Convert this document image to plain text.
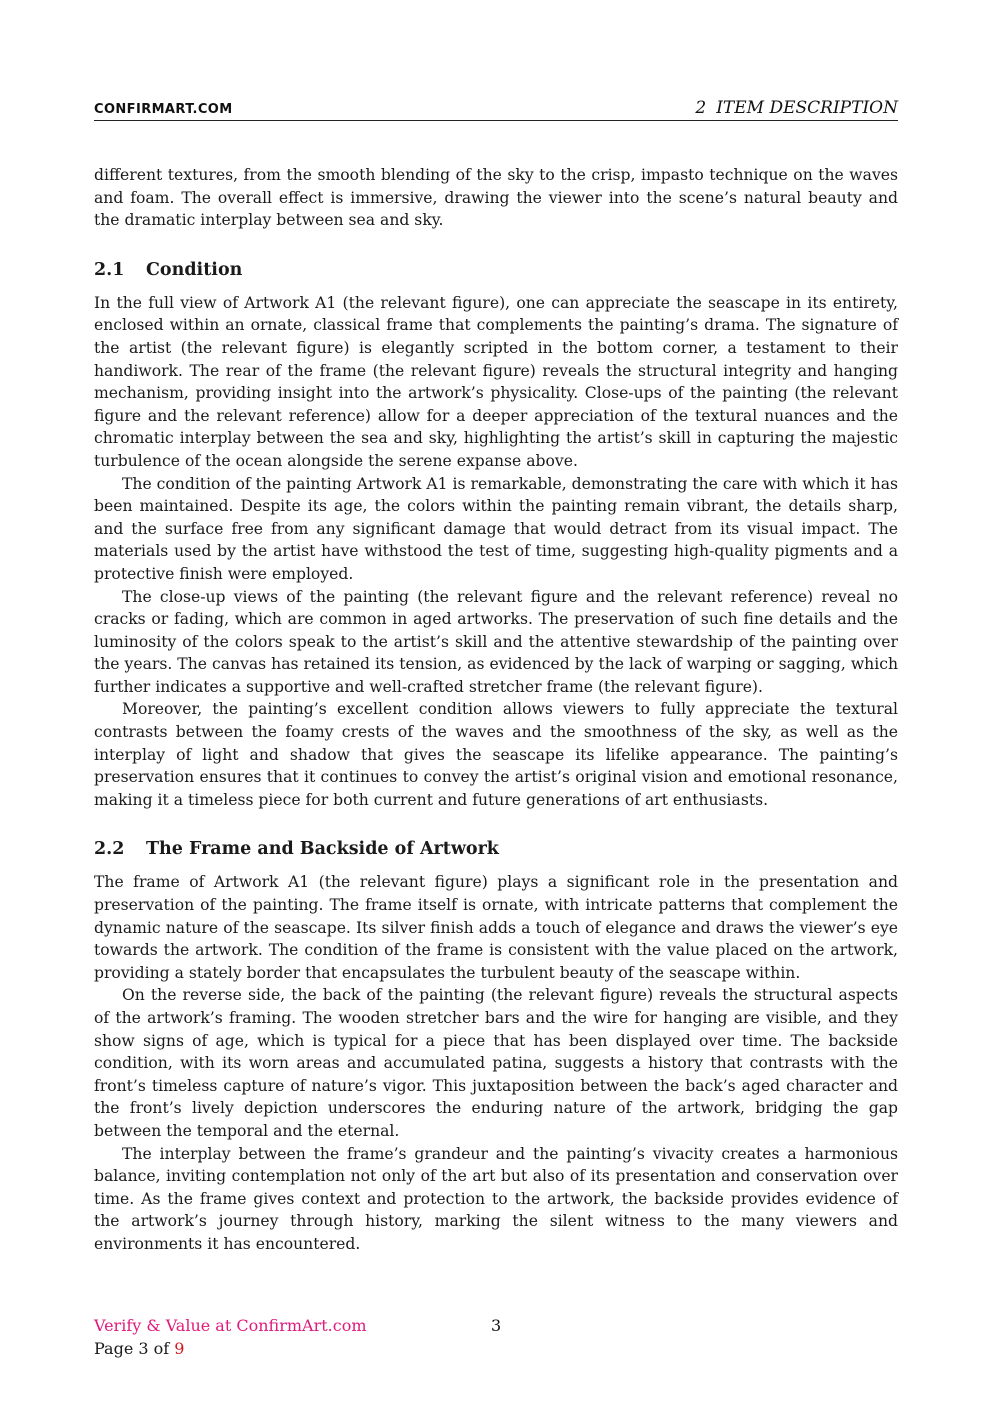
CONFIRMART.COM	2 ITEM DESCRIPTION

different textures, from the smooth blending of the sky to the crisp, impasto technique on the waves and foam. The overall effect is immersive, drawing the viewer into the scene’s natural beauty and the dramatic interplay between sea and sky.

2.1 Condition

In the full view of Artwork A1 (the relevant figure), one can appreciate the seascape in its entirety, enclosed within an ornate, classical frame that complements the painting’s drama. The signature of the artist (the relevant figure) is elegantly scripted in the bottom corner, a testament to their handiwork. The rear of the frame (the relevant figure) reveals the structural integrity and hanging mechanism, providing insight into the artwork’s physicality. Close-ups of the painting (the relevant figure and the relevant reference) allow for a deeper appreciation of the textural nuances and the chromatic interplay between the sea and sky, highlighting the artist’s skill in capturing the majestic turbulence of the ocean alongside the serene expanse above.

The condition of the painting Artwork A1 is remarkable, demonstrating the care with which it has been maintained. Despite its age, the colors within the painting remain vibrant, the details sharp, and the surface free from any significant damage that would detract from its visual impact. The materials used by the artist have withstood the test of time, suggesting high-quality pigments and a protective finish were employed.

The close-up views of the painting (the relevant figure and the relevant reference) reveal no cracks or fading, which are common in aged artworks. The preservation of such fine details and the luminosity of the colors speak to the artist’s skill and the attentive stewardship of the painting over the years. The canvas has retained its tension, as evidenced by the lack of warping or sagging, which further indicates a supportive and well-crafted stretcher frame (the relevant figure).

Moreover, the painting’s excellent condition allows viewers to fully appreciate the textural contrasts between the foamy crests of the waves and the smoothness of the sky, as well as the interplay of light and shadow that gives the seascape its lifelike appearance. The painting’s preservation ensures that it continues to convey the artist’s original vision and emotional resonance, making it a timeless piece for both current and future generations of art enthusiasts.

2.2 The Frame and Backside of Artwork

The frame of Artwork A1 (the relevant figure) plays a significant role in the presentation and preservation of the painting. The frame itself is ornate, with intricate patterns that complement the dynamic nature of the seascape. Its silver finish adds a touch of elegance and draws the viewer’s eye towards the artwork. The condition of the frame is consistent with the value placed on the artwork, providing a stately border that encapsulates the turbulent beauty of the seascape within.

On the reverse side, the back of the painting (the relevant figure) reveals the structural aspects of the artwork’s framing. The wooden stretcher bars and the wire for hanging are visible, and they show signs of age, which is typical for a piece that has been displayed over time. The backside condition, with its worn areas and accumulated patina, suggests a history that contrasts with the front’s timeless capture of nature’s vigor. This juxtaposition between the back’s aged character and the front’s lively depiction underscores the enduring nature of the artwork, bridging the gap between the temporal and the eternal.

The interplay between the frame’s grandeur and the painting’s vivacity creates a harmonious balance, inviting contemplation not only of the art but also of its presentation and conservation over time. As the frame gives context and protection to the artwork, the backside provides evidence of the artwork’s journey through history, marking the silent witness to the many viewers and environments it has encountered.

Verify & Value at ConfirmArt.com
Page 3 of 9
3
